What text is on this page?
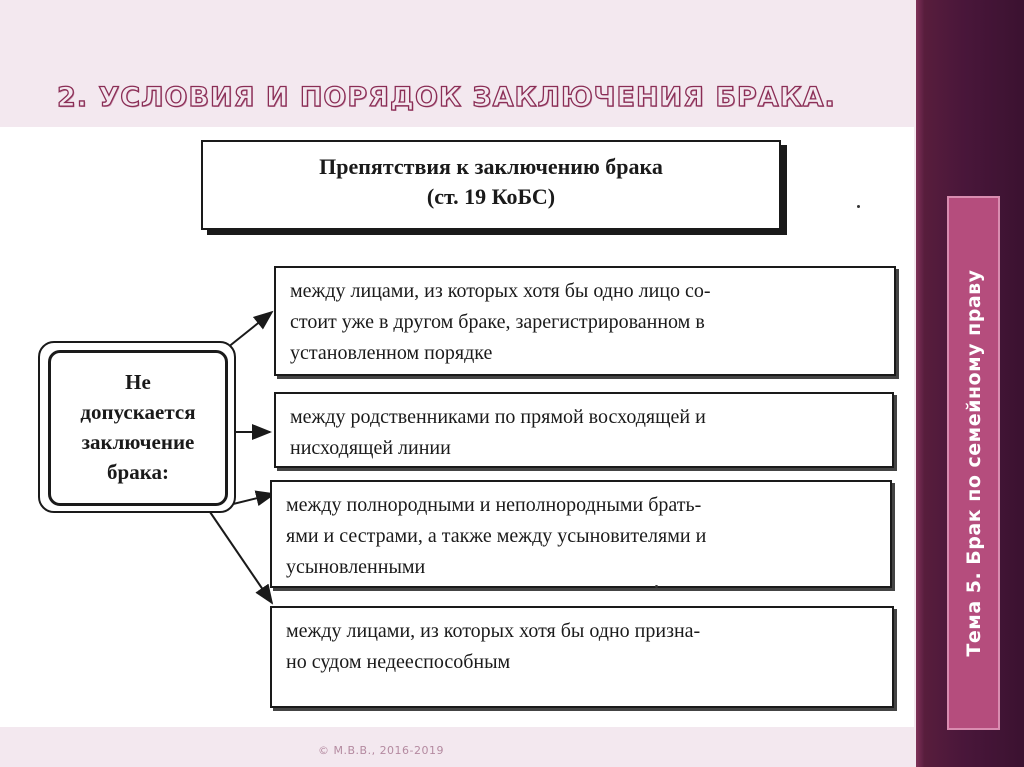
2. УСЛОВИЯ И ПОРЯДОК ЗАКЛЮЧЕНИЯ БРАКА.
Препятствия к заключению брака
(ст. 19 КоБС)
Не
допускается
заключение
брака:
между лицами, из которых хотя бы одно лицо со-
стоит уже в другом браке, зарегистрированном в
установленном порядке
между родственниками по прямой восходящей и
нисходящей линии
между полнородными и неполнородными брать-
ями и сестрами, а также между усыновителями и
усыновленными
между лицами, из которых хотя бы одно призна-
но судом недееспособным
© М.В.В., 2016-2019
Тема 5. Брак по семейному праву
